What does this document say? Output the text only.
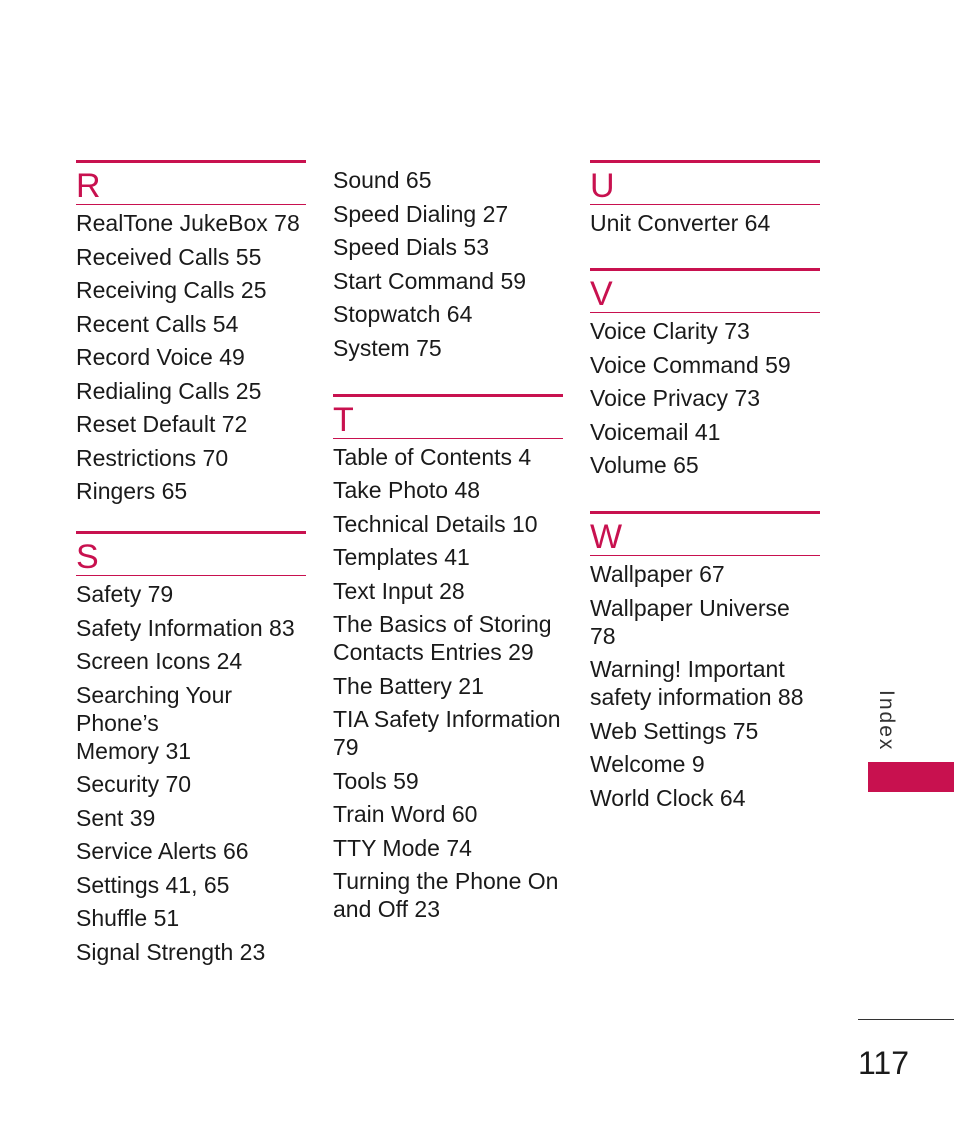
R
RealTone JukeBox 78
Received Calls 55
Receiving Calls 25
Recent Calls 54
Record Voice 49
Redialing Calls 25
Reset Default 72
Restrictions 70
Ringers 65
S
Safety 79
Safety Information 83
Screen Icons 24
Searching Your Phone’s
Memory 31
Security 70
Sent 39
Service Alerts 66
Settings 41, 65
Shuffle 51
Signal Strength 23
Sound 65
Speed Dialing 27
Speed Dials 53
Start Command 59
Stopwatch 64
System 75
T
Table of Contents 4
Take Photo 48
Technical Details 10
Templates 41
Text Input 28
The Basics of Storing
Contacts Entries 29
The Battery 21
TIA Safety Information
79
Tools 59
Train Word 60
TTY Mode 74
Turning the Phone On
and Off 23
U
Unit Converter 64
V
Voice Clarity 73
Voice Command 59
Voice Privacy 73
Voicemail 41
Volume 65
W
Wallpaper 67
Wallpaper Universe 78
Warning! Important
safety information 88
Web Settings 75
Welcome 9
World Clock 64
Index
117
